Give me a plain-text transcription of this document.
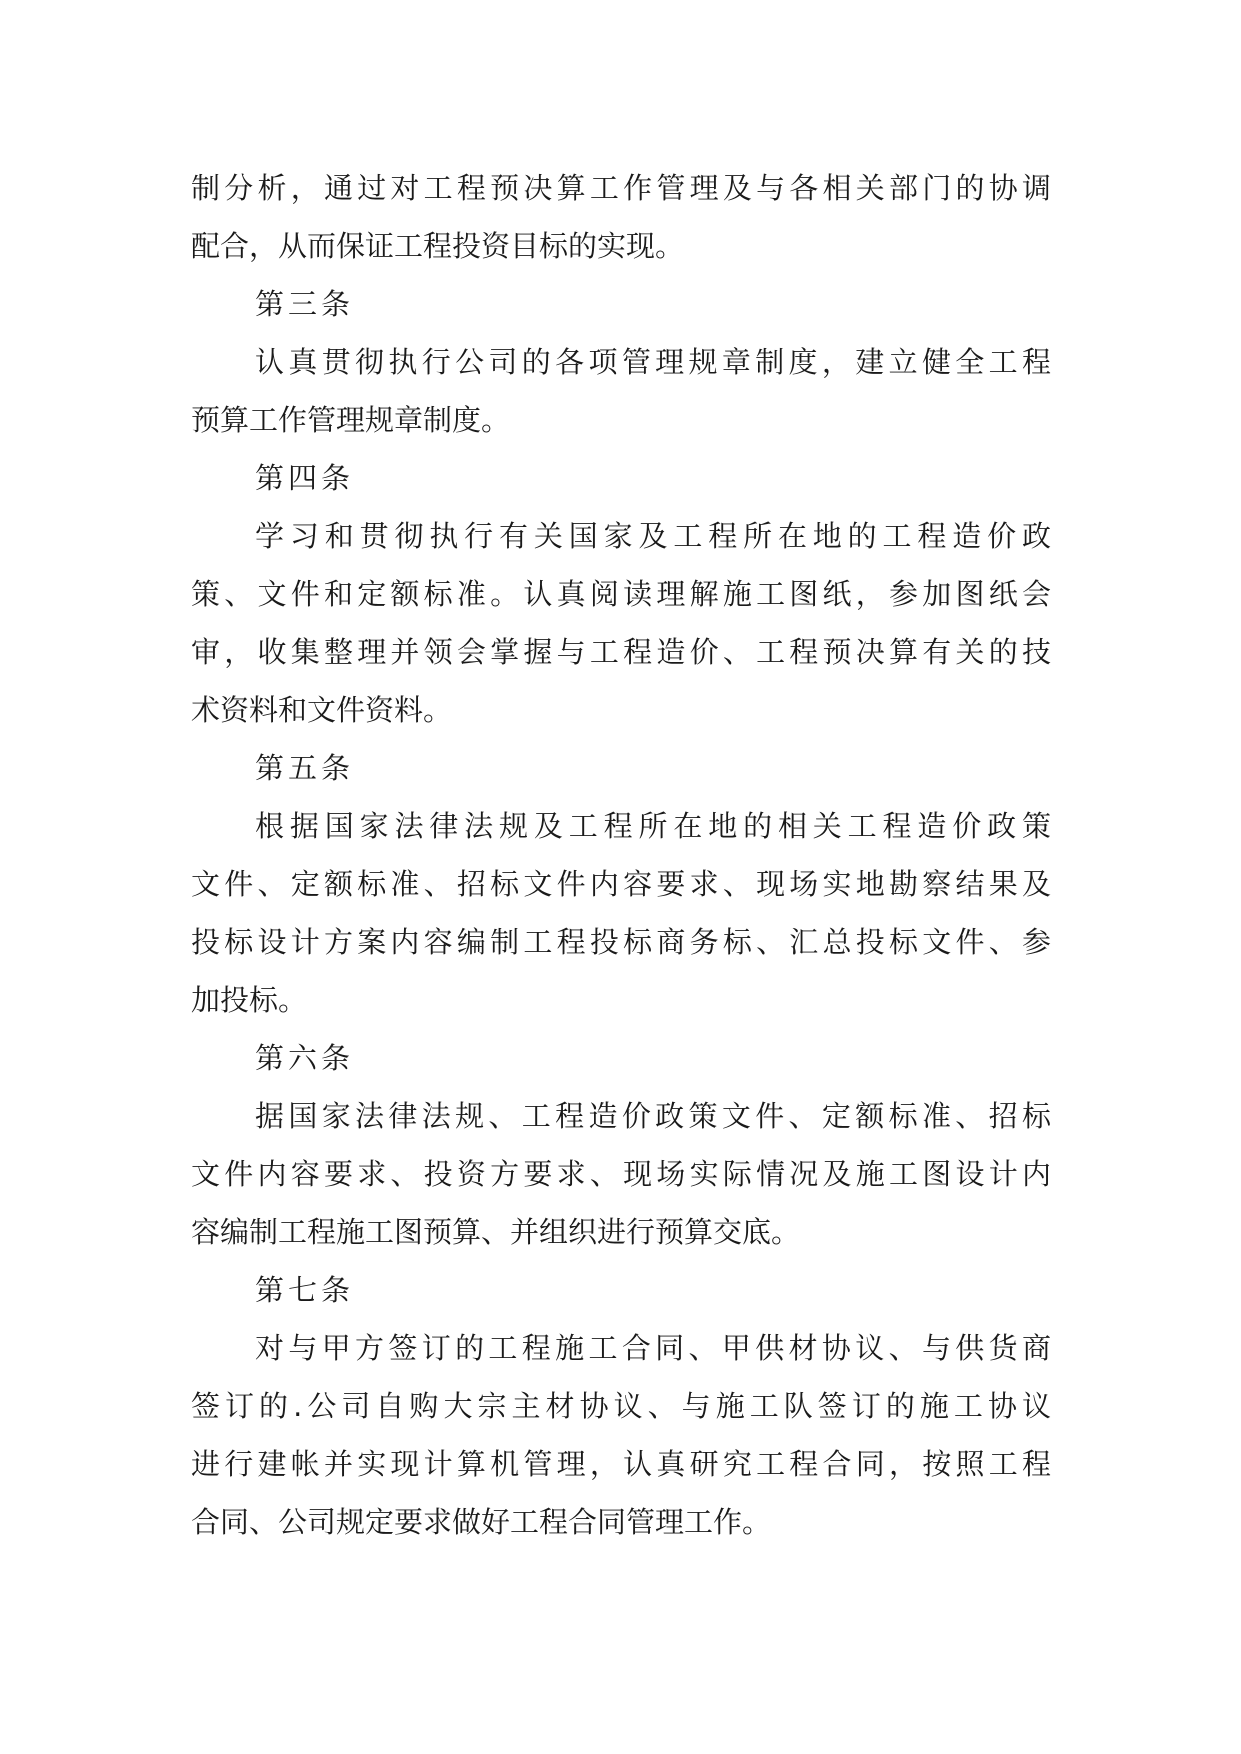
制分析，通过对工程预决算工作管理及与各相关部门的协调
配合，从而保证工程投资目标的实现。
第三条
认真贯彻执行公司的各项管理规章制度，建立健全工程
预算工作管理规章制度。
第四条
学习和贯彻执行有关国家及工程所在地的工程造价政
策、文件和定额标准。认真阅读理解施工图纸，参加图纸会
审，收集整理并领会掌握与工程造价、工程预决算有关的技
术资料和文件资料。
第五条
根据国家法律法规及工程所在地的相关工程造价政策
文件、定额标准、招标文件内容要求、现场实地勘察结果及
投标设计方案内容编制工程投标商务标、汇总投标文件、参
加投标。
第六条
据国家法律法规、工程造价政策文件、定额标准、招标
文件内容要求、投资方要求、现场实际情况及施工图设计内
容编制工程施工图预算、并组织进行预算交底。
第七条
对与甲方签订的工程施工合同、甲供材协议、与供货商
签订的.公司自购大宗主材协议、与施工队签订的施工协议
进行建帐并实现计算机管理，认真研究工程合同，按照工程
合同、公司规定要求做好工程合同管理工作。
